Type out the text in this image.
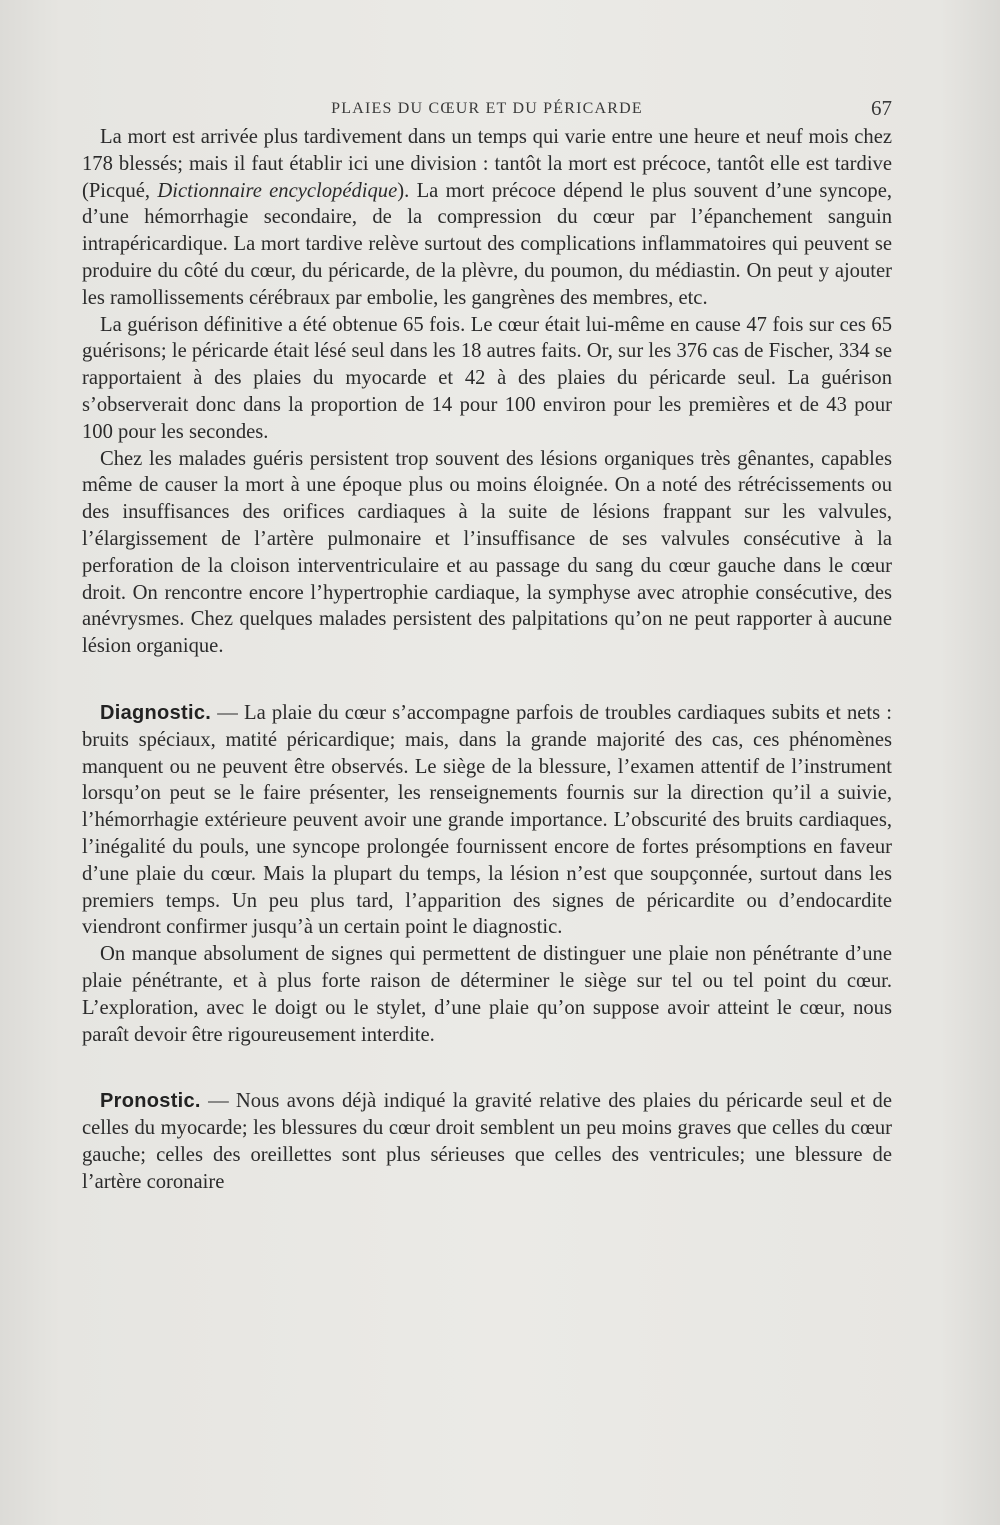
PLAIES DU CŒUR ET DU PÉRICARDE	67

La mort est arrivée plus tardivement dans un temps qui varie entre une heure et neuf mois chez 178 blessés; mais il faut établir ici une division : tantôt la mort est précoce, tantôt elle est tardive (Picqué, Dictionnaire encyclopédique). La mort précoce dépend le plus souvent d’une syncope, d’une hémorrhagie secondaire, de la compression du cœur par l’épanchement sanguin intrapéricardique. La mort tardive relève surtout des complications inflammatoires qui peuvent se produire du côté du cœur, du péricarde, de la plèvre, du poumon, du médiastin. On peut y ajouter les ramollissements cérébraux par embolie, les gangrènes des membres, etc.

La guérison définitive a été obtenue 65 fois. Le cœur était lui-même en cause 47 fois sur ces 65 guérisons; le péricarde était lésé seul dans les 18 autres faits. Or, sur les 376 cas de Fischer, 334 se rapportaient à des plaies du myocarde et 42 à des plaies du péricarde seul. La guérison s’observerait donc dans la proportion de 14 pour 100 environ pour les premières et de 43 pour 100 pour les secondes.

Chez les malades guéris persistent trop souvent des lésions organiques très gênantes, capables même de causer la mort à une époque plus ou moins éloignée. On a noté des rétrécissements ou des insuffisances des orifices cardiaques à la suite de lésions frappant sur les valvules, l’élargissement de l’artère pulmonaire et l’insuffisance de ses valvules consécutive à la perforation de la cloison interventriculaire et au passage du sang du cœur gauche dans le cœur droit. On rencontre encore l’hypertrophie cardiaque, la symphyse avec atrophie consécutive, des anévrysmes. Chez quelques malades persistent des palpitations qu’on ne peut rapporter à aucune lésion organique.

Diagnostic. — La plaie du cœur s’accompagne parfois de troubles cardiaques subits et nets : bruits spéciaux, matité péricardique; mais, dans la grande majorité des cas, ces phénomènes manquent ou ne peuvent être observés. Le siège de la blessure, l’examen attentif de l’instrument lorsqu’on peut se le faire présenter, les renseignements fournis sur la direction qu’il a suivie, l’hémorrhagie extérieure peuvent avoir une grande importance. L’obscurité des bruits cardiaques, l’inégalité du pouls, une syncope prolongée fournissent encore de fortes présomptions en faveur d’une plaie du cœur. Mais la plupart du temps, la lésion n’est que soupçonnée, surtout dans les premiers temps. Un peu plus tard, l’apparition des signes de péricardite ou d’endocardite viendront confirmer jusqu’à un certain point le diagnostic.

On manque absolument de signes qui permettent de distinguer une plaie non pénétrante d’une plaie pénétrante, et à plus forte raison de déterminer le siège sur tel ou tel point du cœur. L’exploration, avec le doigt ou le stylet, d’une plaie qu’on suppose avoir atteint le cœur, nous paraît devoir être rigoureusement interdite.

Pronostic. — Nous avons déjà indiqué la gravité relative des plaies du péricarde seul et de celles du myocarde; les blessures du cœur droit semblent un peu moins graves que celles du cœur gauche; celles des oreillettes sont plus sérieuses que celles des ventricules; une blessure de l’artère coronaire
